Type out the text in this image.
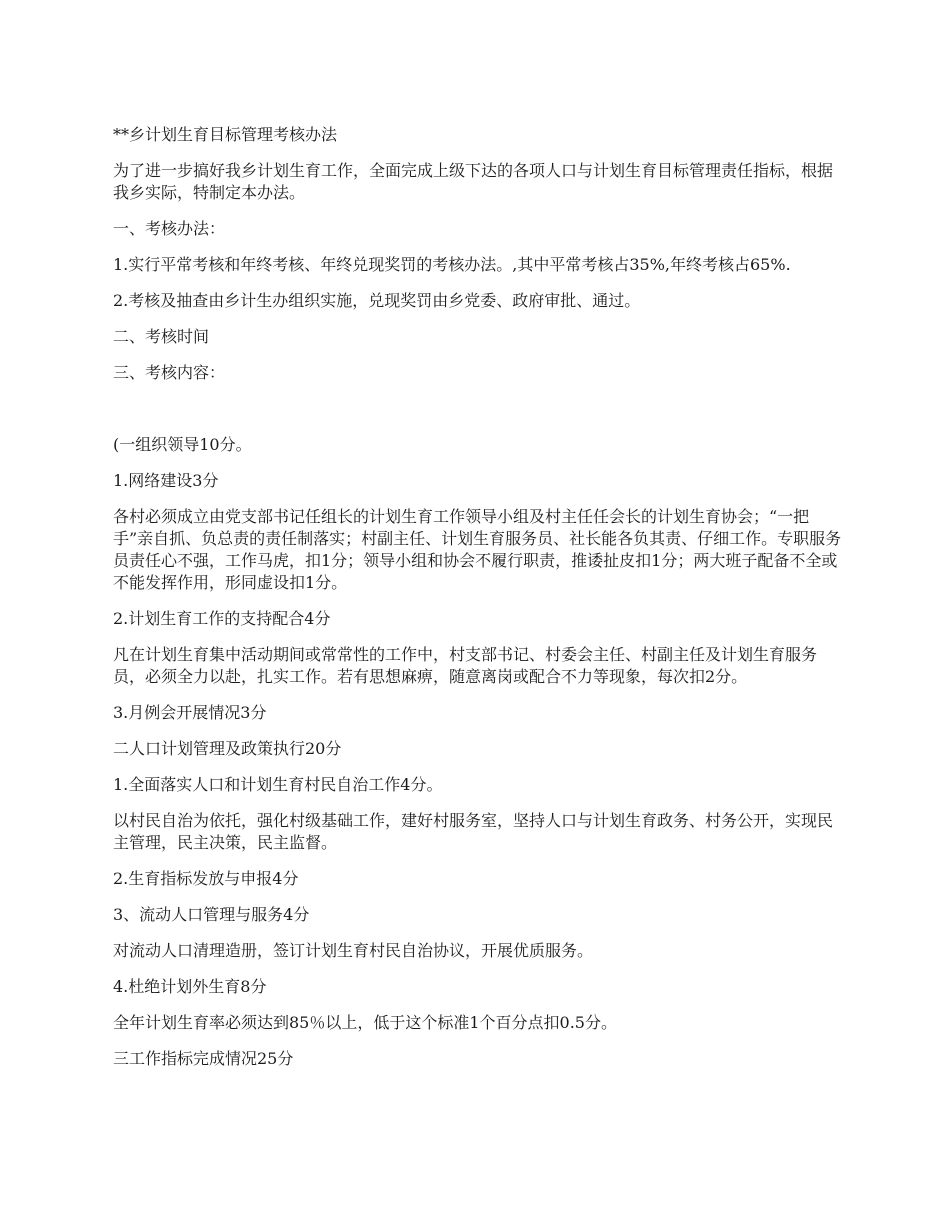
**乡计划生育目标管理考核办法

为了进一步搞好我乡计划生育工作，全面完成上级下达的各项人口与计划生育目标管理责任指标，根据我乡实际，特制定本办法。

一、考核办法：

1.实行平常考核和年终考核、年终兑现奖罚的考核办法。,其中平常考核占35%,年终考核占65%.

2.考核及抽查由乡计生办组织实施，兑现奖罚由乡党委、政府审批、通过。

二、考核时间

三、考核内容：

(一组织领导10分。

1.网络建设3分

各村必须成立由党支部书记任组长的计划生育工作领导小组及村主任任会长的计划生育协会；“一把手”亲自抓、负总责的责任制落实；村副主任、计划生育服务员、社长能各负其责、仔细工作。专职服务员责任心不强，工作马虎，扣1分；领导小组和协会不履行职责，推诿扯皮扣1分；两大班子配备不全或不能发挥作用，形同虚设扣1分。

2.计划生育工作的支持配合4分

凡在计划生育集中活动期间或常常性的工作中，村支部书记、村委会主任、村副主任及计划生育服务员，必须全力以赴，扎实工作。若有思想麻痹，随意离岗或配合不力等现象，每次扣2分。

3.月例会开展情况3分

二人口计划管理及政策执行20分

1.全面落实人口和计划生育村民自治工作4分。

以村民自治为依托，强化村级基础工作，建好村服务室，坚持人口与计划生育政务、村务公开，实现民主管理，民主决策，民主监督。

2.生育指标发放与申报4分

3、流动人口管理与服务4分

对流动人口清理造册，签订计划生育村民自治协议，开展优质服务。

4.杜绝计划外生育8分

全年计划生育率必须达到85％以上，低于这个标准1个百分点扣0.5分。

三工作指标完成情况25分
